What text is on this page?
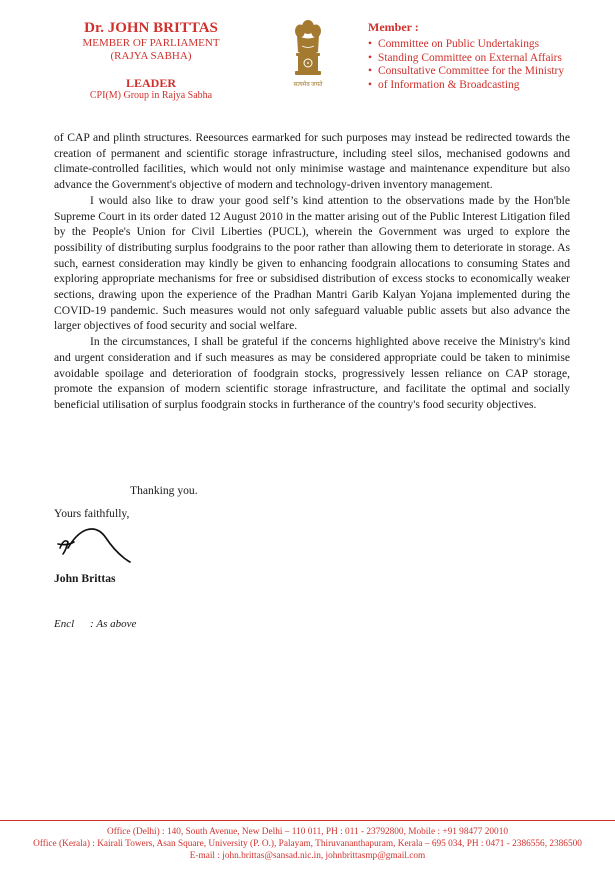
Dr. JOHN BRITTAS
MEMBER OF PARLIAMENT
(RAJYA SABHA)
LEADER
CPI(M) Group in Rajya Sabha
सत्यमेव जयते
Member :
• Committee on Public Undertakings
• Standing Committee on External Affairs
• Consultative Committee for the Ministry
• of Information & Broadcasting

of CAP and plinth structures. Reesources earmarked for such purposes may instead be redirected towards the creation of permanent and scientific storage infrastructure, including steel silos, mechanised godowns and climate-controlled facilities, which would not only minimise wastage and maintenance expenditure but also advance the Government's objective of modern and technology-driven inventory management.

I would also like to draw your good self’s kind attention to the observations made by the Hon'ble Supreme Court in its order dated 12 August 2010 in the matter arising out of the Public Interest Litigation filed by the People's Union for Civil Liberties (PUCL), wherein the Government was urged to explore the possibility of distributing surplus foodgrains to the poor rather than allowing them to deteriorate in storage. As such, earnest consideration may kindly be given to enhancing foodgrain allocations to consuming States and exploring appropriate mechanisms for free or subsidised distribution of excess stocks to economically weaker sections, drawing upon the experience of the Pradhan Mantri Garib Kalyan Yojana implemented during the COVID-19 pandemic. Such measures would not only safeguard valuable public assets but also advance the larger objectives of food security and social welfare.

In the circumstances, I shall be grateful if the concerns highlighted above receive the Ministry's kind and urgent consideration and if such measures as may be considered appropriate could be taken to minimise avoidable spoilage and deterioration of foodgrain stocks, progressively lessen reliance on CAP storage, promote the expansion of modern scientific storage infrastructure, and facilitate the optimal and socially beneficial utilisation of surplus foodgrain stocks in furtherance of the country's food security objectives.

Thanking you.
Yours faithfully,
John Brittas
Encl : As above
Office (Delhi) : 140, South Avenue, New Delhi – 110 011, PH : 011 - 23792800, Mobile : +91 98477 20010
Office (Kerala) : Kairali Towers, Asan Square, University (P. O.), Palayam, Thiruvananthapuram, Kerala – 695 034, PH : 0471 - 2386556, 2386500
E-mail : john.brittas@sansad.nic.in, johnbrittasmp@gmail.com
